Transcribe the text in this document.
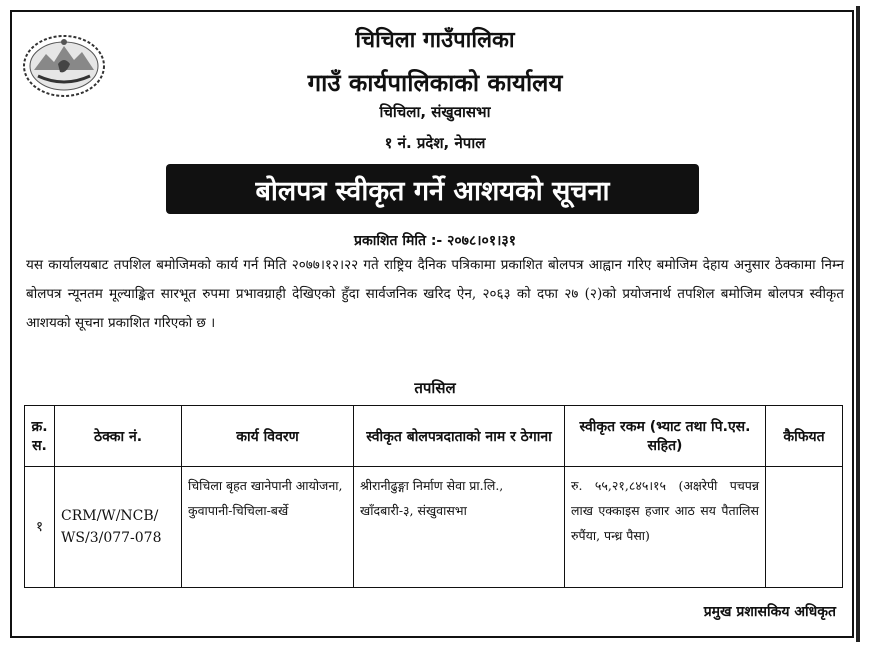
चिचिला गाउँपालिका
गाउँ कार्यपालिकाको कार्यालय
चिचिला, संखुवासभा
१ नं. प्रदेश, नेपाल
बोलपत्र स्वीकृत गर्ने आशयको सूचना
प्रकाशित मिति :- २०७८।०१।३१
यस कार्यालयबाट तपशिल बमोजिमको कार्य गर्न मिति २०७७।१२।२२ गते राष्ट्रिय दैनिक पत्रिकामा प्रकाशित बोलपत्र आह्वान गरिए बमोजिम देहाय अनुसार ठेक्कामा निम्न बोलपत्र न्यूनतम मूल्याङ्कित सारभूत रुपमा प्रभावग्राही देखिएको हुँदा सार्वजनिक खरिद ऐन, २०६३ को दफा २७ (२)को प्रयोजनार्थ तपशिल बमोजिम बोलपत्र स्वीकृत आशयको सूचना प्रकाशित गरिएको छ ।
तपसिल
क्र. स.	ठेक्का नं.	कार्य विवरण	स्वीकृत बोलपत्रदाताको नाम र ठेगाना	स्वीकृत रकम (भ्याट तथा पि.एस. सहित)	कैफियत
१	CRM/W/NCB/ WS/3/077-078	चिचिला बृहत खानेपानी आयोजना, कुवापानी-चिचिला-बर्खे	श्रीरानीढुङ्गा निर्माण सेवा प्रा.लि., खाँदबारी-३, संखुवासभा	रु. ५५,२१,८४५।१५ (अक्षरेपी पचपन्न लाख एक्काइस हजार आठ सय पैतालिस रुपैंया, पन्ध्र पैसा)	
प्रमुख प्रशासकिय अधिकृत
